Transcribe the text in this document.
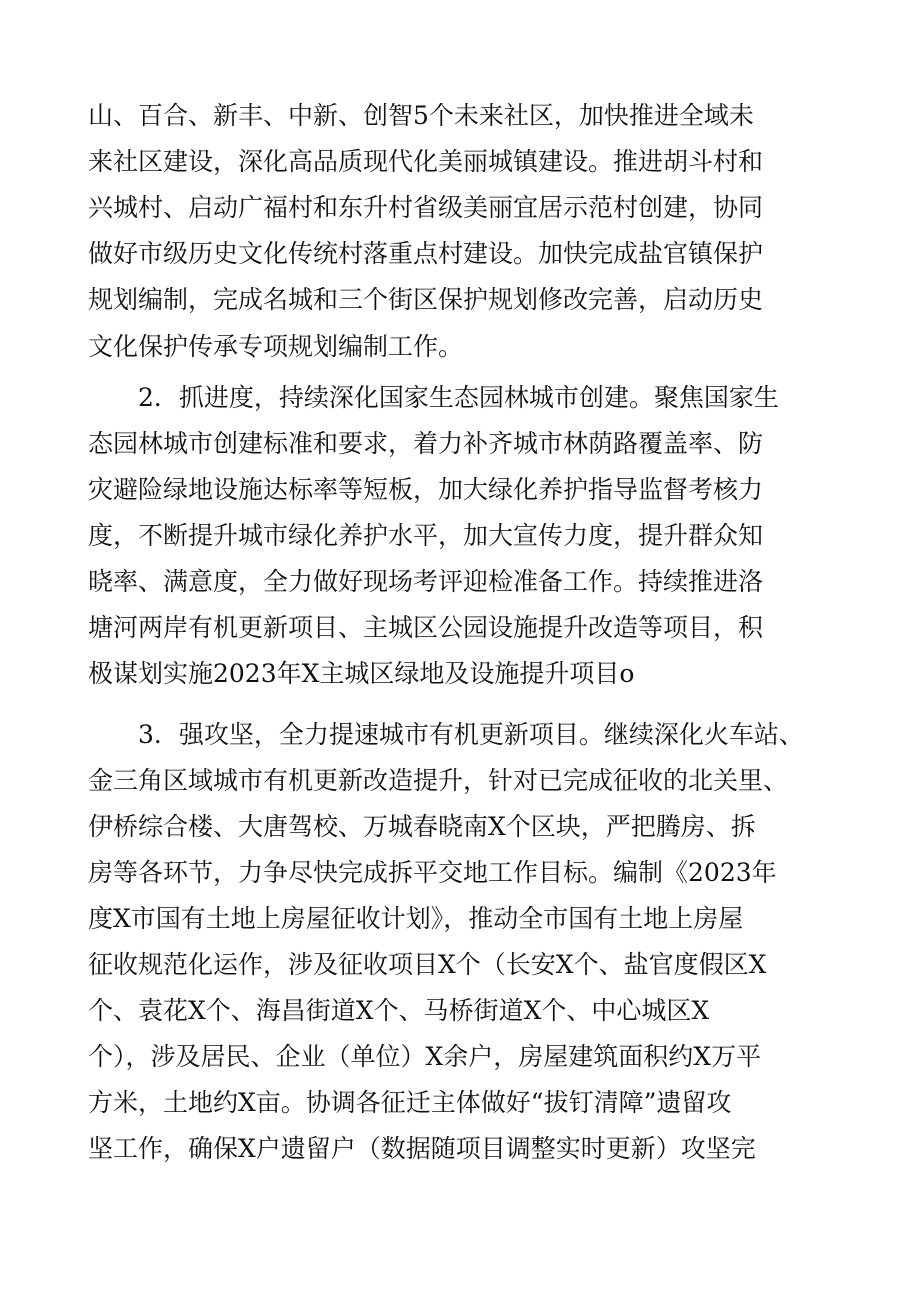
山、百合、新丰、中新、创智5个未来社区，加快推进全域未
来社区建设，深化高品质现代化美丽城镇建设。推进胡斗村和
兴城村、启动广福村和东升村省级美丽宜居示范村创建，协同
做好市级历史文化传统村落重点村建设。加快完成盐官镇保护
规划编制，完成名城和三个街区保护规划修改完善，启动历史
文化保护传承专项规划编制工作。
2．抓进度，持续深化国家生态园林城市创建。聚焦国家生
态园林城市创建标准和要求，着力补齐城市林荫路覆盖率、防
灾避险绿地设施达标率等短板，加大绿化养护指导监督考核力
度，不断提升城市绿化养护水平，加大宣传力度，提升群众知
晓率、满意度，全力做好现场考评迎检准备工作。持续推进洛
塘河两岸有机更新项目、主城区公园设施提升改造等项目，积
极谋划实施2023年X主城区绿地及设施提升项目o
3．强攻坚，全力提速城市有机更新项目。继续深化火车站、
金三角区域城市有机更新改造提升，针对已完成征收的北关里、
伊桥综合楼、大唐驾校、万城春晓南X个区块，严把腾房、拆
房等各环节，力争尽快完成拆平交地工作目标。编制《2023年
度X市国有土地上房屋征收计划》，推动全市国有土地上房屋
征收规范化运作，涉及征收项目X个（长安X个、盐官度假区X
个、袁花X个、海昌街道X个、马桥街道X个、中心城区X
个），涉及居民、企业（单位）X余户，房屋建筑面积约X万平
方米，土地约X亩。协调各征迁主体做好“拔钉清障”遗留攻
坚工作，确保X户遗留户（数据随项目调整实时更新）攻坚完
